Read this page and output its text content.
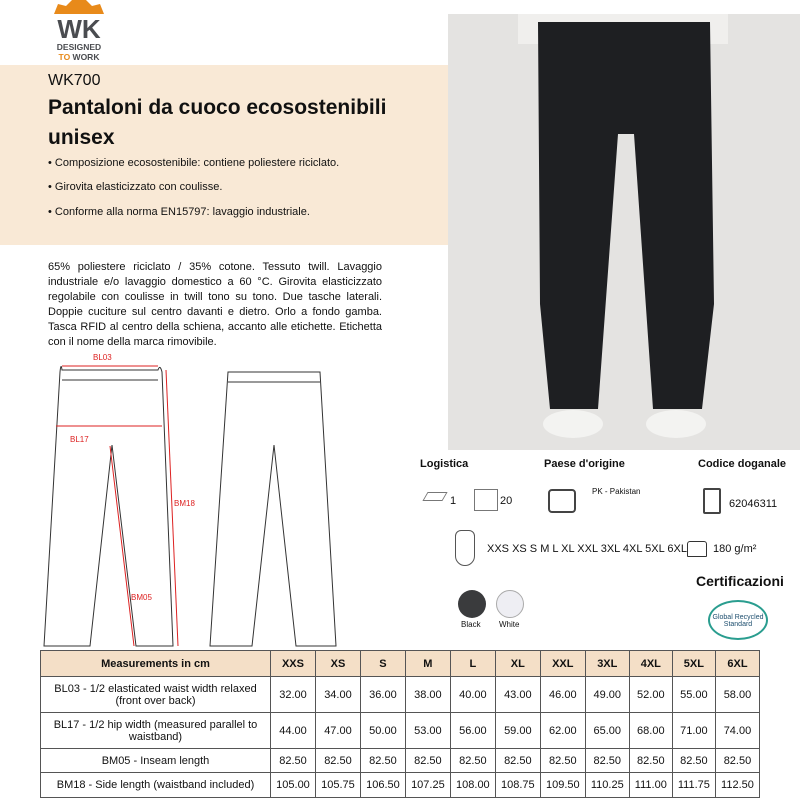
WK
DESIGNED
TO WORK
WK700
Pantaloni da cuoco ecosostenibili unisex
• Composizione ecosostenibile: contiene poliestere riciclato.
• Girovita elasticizzato con coulisse.
• Conforme alla norma EN15797: lavaggio industriale.
65% poliestere riciclato / 35% cotone. Tessuto twill. Lavaggio industriale e/o lavaggio domestico a 60 °C. Girovita elasticizzato regolabile con coulisse in twill tono su tono. Due tasche laterali. Doppie cuciture sul centro davanti e dietro. Orlo a fondo gamba. Tasca RFID al centro della schiena, accanto alle etichette. Etichetta con il nome della marca rimovibile.
BL03
BL17
BM18
BM05
Logistica	Paese d'origine	Codice doganale
1	20
PK - Pakistan
62046311
XXS XS S M L XL XXL 3XL 4XL 5XL 6XL 180 g/m²
Certificazioni
Global Recycled Standard
Black White
Measurements in cm	XXS	XS	S	M	L	XL	XXL	3XL	4XL	5XL	6XL
BL03 - 1/2 elasticated waist width relaxed (front over back)	32.00	34.00	36.00	38.00	40.00	43.00	46.00	49.00	52.00	55.00	58.00
BL17 - 1/2 hip width (measured parallel to waistband)	44.00	47.00	50.00	53.00	56.00	59.00	62.00	65.00	68.00	71.00	74.00
BM05 - Inseam length	82.50	82.50	82.50	82.50	82.50	82.50	82.50	82.50	82.50	82.50	82.50
BM18 - Side length (waistband included)	105.00	105.75	106.50	107.25	108.00	108.75	109.50	110.25	111.00	111.75	112.50
